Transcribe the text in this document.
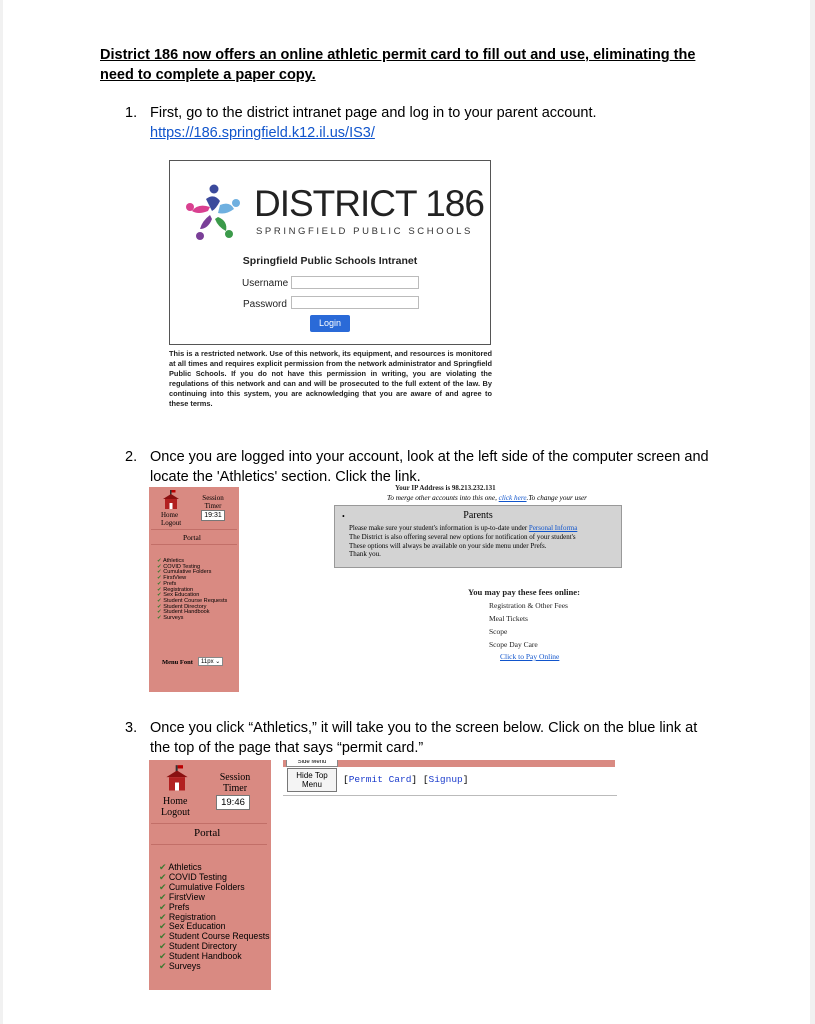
District 186 now offers an online athletic permit card to fill out and use, eliminating the need to complete a paper copy.
1. First, go to the district intranet page and log in to your parent account.
https://186.springfield.k12.il.us/IS3/
DISTRICT 186
SPRINGFIELD PUBLIC SCHOOLS
Springfield Public Schools Intranet
Username
Password
Login
This is a restricted network. Use of this network, its equipment, and resources is monitored at all times and requires explicit permission from the network administrator and Springfield Public Schools. If you do not have this permission in writing, you are violating the regulations of this network and can and will be prosecuted to the full extent of the law. By continuing into this system, you are acknowledging that you are aware of and agree to these terms.
2. Once you are logged into your account, look at the left side of the computer screen and
locate the 'Athletics' section. Click the link.
Session Timer
Home	19:31
Logout
Portal
✔ Athletics
✔ COVID Testing
✔ Cumulative Folders
✔ FirstView
✔ Prefs
✔ Registration
✔ Sex Education
✔ Student Course Requests
✔ Student Directory
✔ Student Handbook
✔ Surveys
Menu Font	11px ⌄
Your IP Address is 98.213.232.131
To merge other accounts into this one, click here.To change your user
•	Parents
Please make sure your student's information is up-to-date under Personal Informa
The District is also offering several new options for notification of your student's
These options will always be available on your side menu under Prefs.
Thank you.
You may pay these fees online:
Registration & Other Fees
Meal Tickets
Scope
Scope Day Care
Click to Pay Online
3. Once you click “Athletics,” it will take you to the screen below. Click on the blue link at
the top of the page that says “permit card.”
Session Timer
Home	19:46
Logout
Portal
✔ Athletics
✔ COVID Testing
✔ Cumulative Folders
✔ FirstView
✔ Prefs
✔ Registration
✔ Sex Education
✔ Student Course Requests
✔ Student Directory
✔ Student Handbook
✔ Surveys
Side Menu
Hide Top Menu	[Permit Card] [Signup]
